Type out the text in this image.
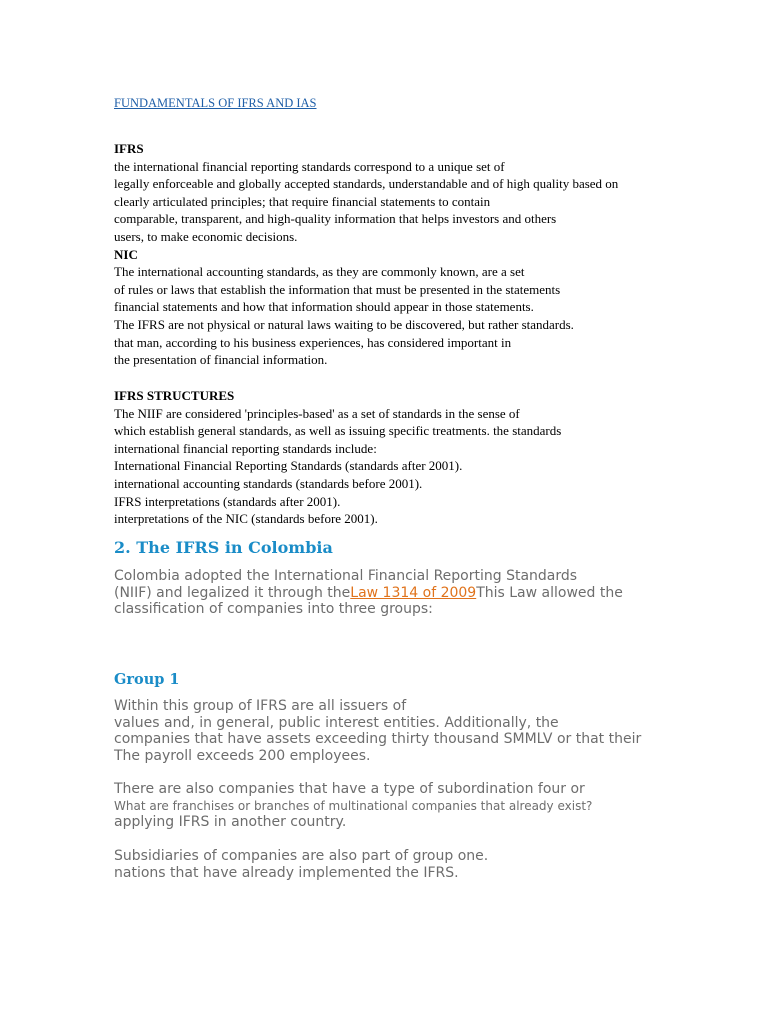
FUNDAMENTALS OF IFRS AND IAS
IFRS
the international financial reporting standards correspond to a unique set of
legally enforceable and globally accepted standards, understandable and of high quality based on
clearly articulated principles; that require financial statements to contain
comparable, transparent, and high-quality information that helps investors and others
users, to make economic decisions.
NIC
The international accounting standards, as they are commonly known, are a set
of rules or laws that establish the information that must be presented in the statements
financial statements and how that information should appear in those statements.
The IFRS are not physical or natural laws waiting to be discovered, but rather standards.
that man, according to his business experiences, has considered important in
the presentation of financial information.
IFRS STRUCTURES
The NIIF are considered 'principles-based' as a set of standards in the sense of
which establish general standards, as well as issuing specific treatments. the standards
international financial reporting standards include:
International Financial Reporting Standards (standards after 2001).
international accounting standards (standards before 2001).
IFRS interpretations (standards after 2001).
interpretations of the NIC (standards before 2001).
2. The IFRS in Colombia
Colombia adopted the International Financial Reporting Standards
(NIIF) and legalized it through theLaw 1314 of 2009This Law allowed the
classification of companies into three groups:
Group 1
Within this group of IFRS are all issuers of
values and, in general, public interest entities. Additionally, the
companies that have assets exceeding thirty thousand SMMLV or that their
The payroll exceeds 200 employees.
There are also companies that have a type of subordination four or
What are franchises or branches of multinational companies that already exist?
applying IFRS in another country.
Subsidiaries of companies are also part of group one.
nations that have already implemented the IFRS.
